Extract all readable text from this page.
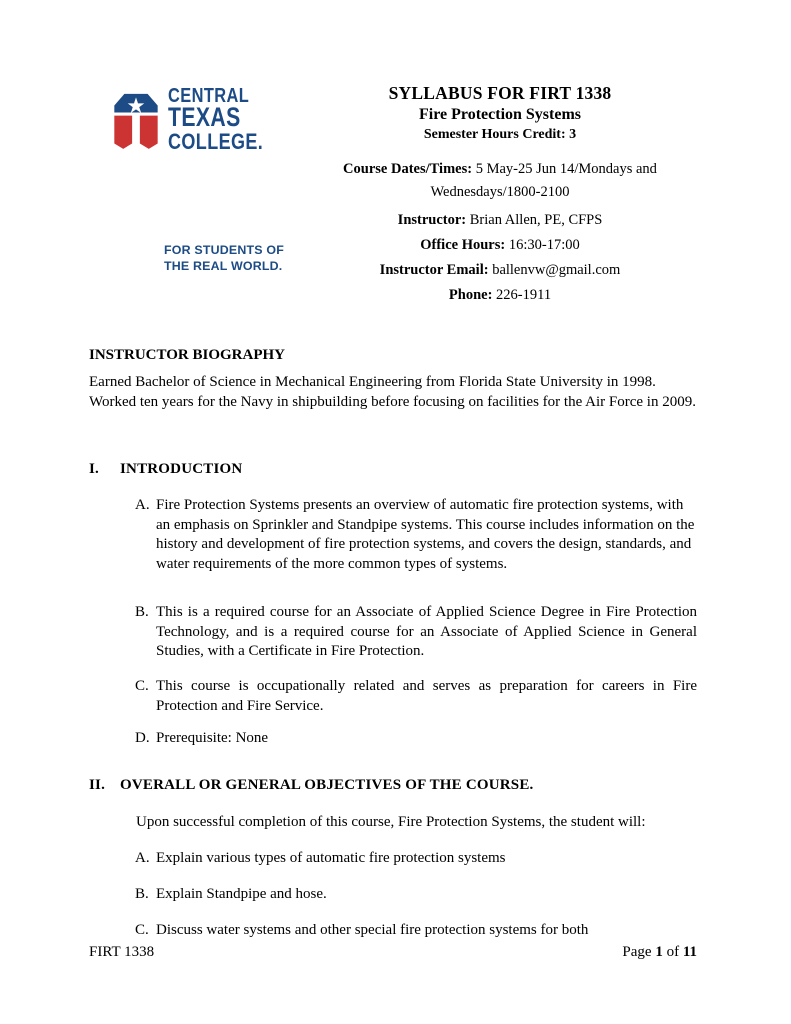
CENTRAL
TEXAS
COLLEGE.
FOR STUDENTS OF
THE REAL WORLD.
SYLLABUS FOR FIRT 1338
Fire Protection Systems
Semester Hours Credit: 3
Course Dates/Times: 5 May-25 Jun 14/Mondays and Wednesdays/1800-2100
Instructor: Brian Allen, PE, CFPS
Office Hours: 16:30-17:00
Instructor Email: ballenvw@gmail.com
Phone: 226-1911
INSTRUCTOR BIOGRAPHY
Earned Bachelor of Science in Mechanical Engineering from Florida State University in 1998. Worked ten years for the Navy in shipbuilding before focusing on facilities for the Air Force in 2009.
I.	INTRODUCTION
A. Fire Protection Systems presents an overview of automatic fire protection systems, with an emphasis on Sprinkler and Standpipe systems. This course includes information on the history and development of fire protection systems, and covers the design, standards, and water requirements of the more common types of systems.
B. This is a required course for an Associate of Applied Science Degree in Fire Protection Technology, and is a required course for an Associate of Applied Science in General Studies, with a Certificate in Fire Protection.
C. This course is occupationally related and serves as preparation for careers in Fire Protection and Fire Service.
D. Prerequisite: None
II. OVERALL OR GENERAL OBJECTIVES OF THE COURSE.
Upon successful completion of this course, Fire Protection Systems, the student will:
A. Explain various types of automatic fire protection systems
B. Explain Standpipe and hose.
C. Discuss water systems and other special fire protection systems for both
FIRT 1338	Page 1 of 11
